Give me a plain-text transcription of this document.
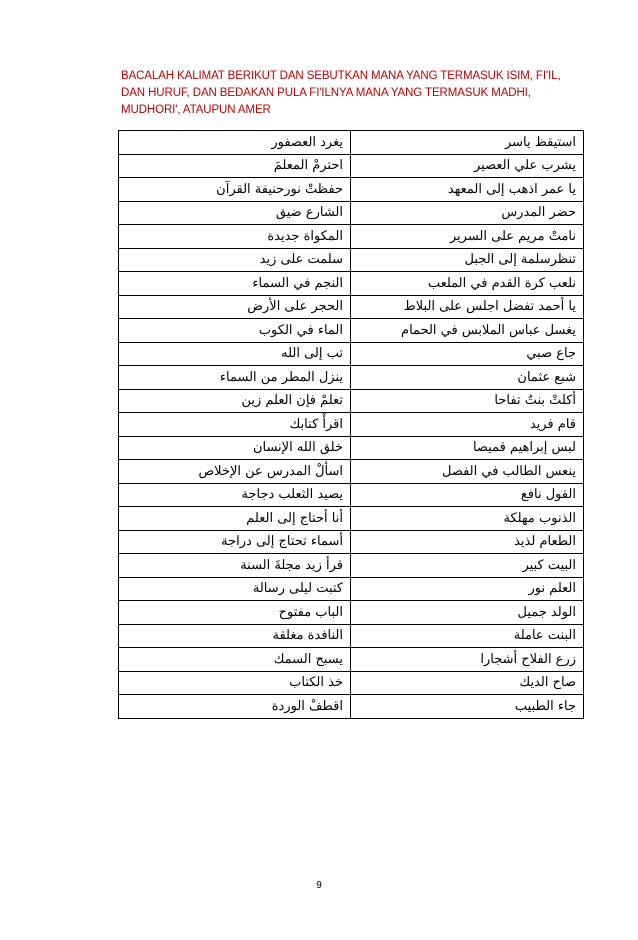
BACALAH KALIMAT BERIKUT DAN SEBUTKAN MANA YANG TERMASUK ISIM, FI'IL, DAN HURUF, DAN BEDAKAN PULA FI'ILNYA MANA YANG TERMASUK MADHI, MUDHORI', ATAUPUN AMER
يغرد العصفور	استيقظ ياسر
احترمْ المعلمَ	يشرب علي العصير
حفظتْ نورحنيفة القرآن	يا عمر اذهب إلى المعهد
الشارع ضيق	حضر المدرس
المكواة جديدة	نامتْ مريم على السرير
سلمت على زيد	تنظرسلمة إلى الجبل
النجم في السماء	نلعب كرة القدم في الملعب
الحجر على الأرض	يا أحمد تفضل اجلس على البلاط
الماء في الكوب	يغسل عباس الملابس في الحمام
تب إلى الله	جاع صبي
ينزل المطر من السماء	شبع عثمان
تعلمْ فإن العلم زين	أكلتْ بنتٌ تفاحا
اقرأْ كتابك	قام فريد
خلق الله الإنسان	لبس إبراهيم قميصا
اسألْ المدرس عن الإخلاص	ينعس الطالب في الفصل
يصيد الثعلب دجاجة	القول نافع
أنا أحتاج إلى العلم	الذنوب مهلكة
أسماء تحتاج إلى دراجة	الطعام لذيذ
قرأ زيد مجلةَ السنة	البيت كبير
كتبت ليلى رسالة	العلم نور
الباب مفتوح	الولد جميل
النافدة مغلقة	البنت عاملة
يسبح السمك	زرع الفلاح أشجارا
خذ الكتاب	صاح الديك
اقطفْ الوردة	جاء الطبيب
9
